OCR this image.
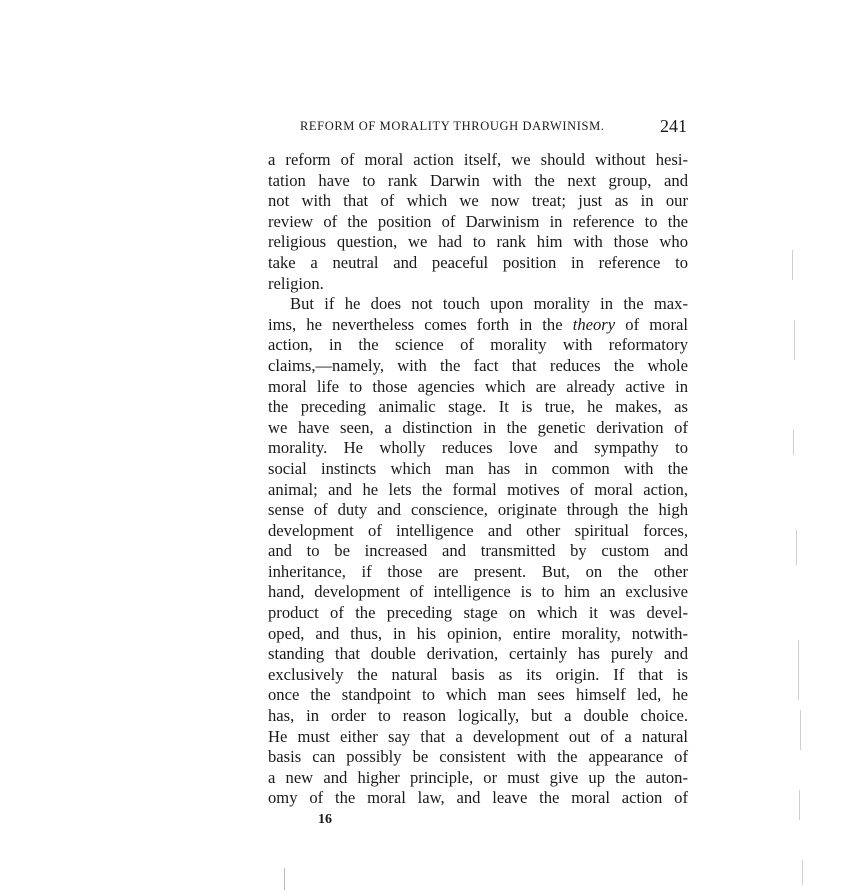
REFORM OF MORALITY THROUGH DARWINISM.	241
a reform of moral action itself, we should without hesi-
tation have to rank Darwin with the next group, and
not with that of which we now treat; just as in our
review of the position of Darwinism in reference to the
religious question, we had to rank him with those who
take a neutral and peaceful position in reference to
religion.
But if he does not touch upon morality in the max-
ims, he nevertheless comes forth in the theory of moral
action, in the science of morality with reformatory
claims,—namely, with the fact that reduces the whole
moral life to those agencies which are already active in
the preceding animalic stage. It is true, he makes, as
we have seen, a distinction in the genetic derivation of
morality. He wholly reduces love and sympathy to
social instincts which man has in common with the
animal; and he lets the formal motives of moral action,
sense of duty and conscience, originate through the high
development of intelligence and other spiritual forces,
and to be increased and transmitted by custom and
inheritance, if those are present. But, on the other
hand, development of intelligence is to him an exclusive
product of the preceding stage on which it was devel-
oped, and thus, in his opinion, entire morality, notwith-
standing that double derivation, certainly has purely and
exclusively the natural basis as its origin. If that is
once the standpoint to which man sees himself led, he
has, in order to reason logically, but a double choice.
He must either say that a development out of a natural
basis can possibly be consistent with the appearance of
a new and higher principle, or must give up the auton-
omy of the moral law, and leave the moral action of
16
